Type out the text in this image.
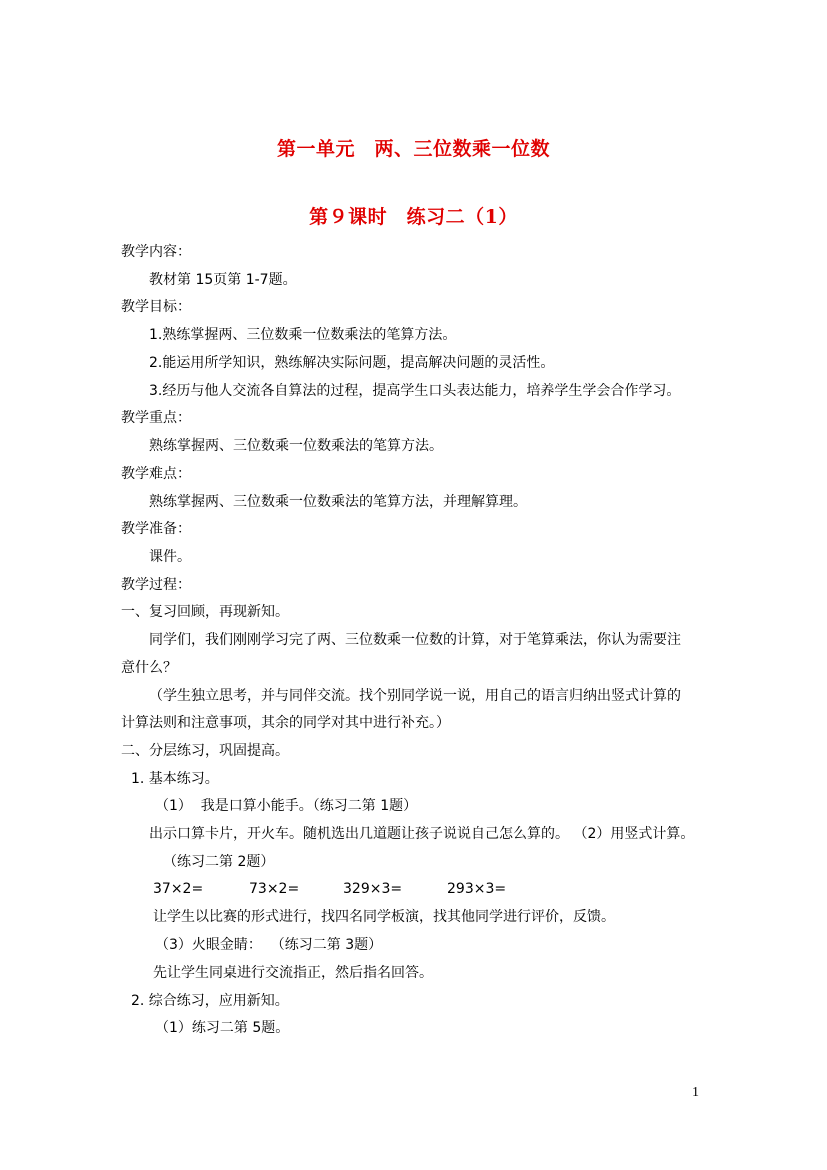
第一单元　两、三位数乘一位数
第９课时　练习二（1）
教学内容：
教材第 15页第 1-7题。
教学目标：
1.熟练掌握两、三位数乘一位数乘法的笔算方法。
2.能运用所学知识，熟练解决实际问题，提高解决问题的灵活性。
3.经历与他人交流各自算法的过程，提高学生口头表达能力，培养学生学会合作学习。
教学重点：
熟练掌握两、三位数乘一位数乘法的笔算方法。
教学难点：
熟练掌握两、三位数乘一位数乘法的笔算方法，并理解算理。
教学准备：
课件。
教学过程：
一、复习回顾，再现新知。
同学们，我们刚刚学习完了两、三位数乘一位数的计算，对于笔算乘法，你认为需要注
意什么？
（学生独立思考，并与同伴交流。找个别同学说一说，用自己的语言归纳出竖式计算的
计算法则和注意事项，其余的同学对其中进行补充。）
二、分层练习，巩固提高。
1. 基本练习。
（1）  我是口算小能手。（练习二第 1题）
出示口算卡片，开火车。随机选出几道题让孩子说说自己怎么算的。 （2）用竖式计算。
（练习二第 2题）
37×2=	73×2=	329×3=	293×3=
让学生以比赛的形式进行，找四名同学板演，找其他同学进行评价，反馈。
（3）火眼金睛：  （练习二第 3题）
先让学生同桌进行交流指正，然后指名回答。
2. 综合练习，应用新知。
（1）练习二第 5题。
1
